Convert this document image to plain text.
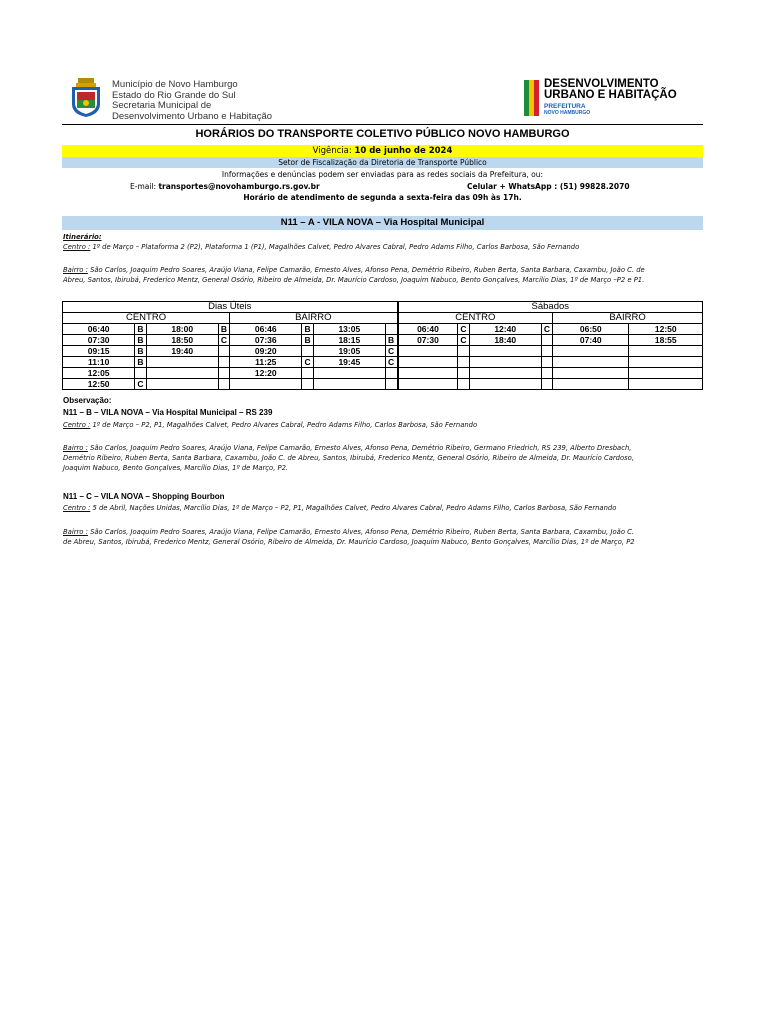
Município de Novo Hamburgo
Estado do Rio Grande do Sul
Secretaria Municipal de
Desenvolvimento Urbano e Habitação
DESENVOLVIMENTO
URBANO E HABITAÇÃO
PREFEITURA
NOVO HAMBURGO
HORÁRIOS DO TRANSPORTE COLETIVO PÚBLICO NOVO HAMBURGO
Vigência: 10 de junho de 2024
Setor de Fiscalização da Diretoria de Transporte Público
Informações e denúncias podem ser enviadas para as redes sociais da Prefeitura, ou:
E-mail: transportes@novohamburgo.rs.gov.br	Celular + WhatsApp : (51) 99828.2070
Horário de atendimento de segunda a sexta-feira das 09h às 17h.
N11 – A - VILA NOVA – Via Hospital Municipal
Itinerário:
Centro : 1º de Março – Plataforma 2 (P2), Plataforma 1 (P1), Magalhões Calvet, Pedro Alvares Cabral, Pedro Adams Filho, Carlos Barbosa, São Fernando
Bairro : São Carlos, Joaquim Pedro Soares, Araújo Viana, Felipe Camarão, Ernesto Alves, Afonso Pena, Demétrio Ribeiro, Ruben Berta, Santa Barbara, Caxambu, João C. de
Abreu, Santos, Ibirubá, Frederico Mentz, General Osório, Ribeiro de Almeida, Dr. Maurício Cardoso, Joaquim Nabuco, Bento Gonçalves, Marcílio Dias, 1º de Março –P2 e P1.
Dias Úteis								Sábados					
CENTRO				BAIRRO				CENTRO				BAIRRO	
06:40	B	18:00	B	06:46	B	13:05		06:40	C	12:40	C	06:50	12:50
07:30	B	18:50	C	07:36	B	18:15	B	07:30	C	18:40		07:40	18:55
09:15	B	19:40		09:20		19:05	C						
11:10	B			11:25	C	19:45	C						
12:05				12:20									
12:50	C												
Observação:
N11 – B – VILA NOVA – Via Hospital Municipal – RS 239
Centro : 1º de Março – P2, P1, Magalhões Calvet, Pedro Alvares Cabral, Pedro Adams Filho, Carlos Barbosa, São Fernando
Bairro : São Carlos, Joaquim Pedro Soares, Araújo Viana, Felipe Camarão, Ernesto Alves, Afonso Pena, Demétrio Ribeiro, Germano Friedrich, RS 239, Alberto Dresbach,
Demétrio Ribeiro, Ruben Berta, Santa Barbara, Caxambu, João C. de Abreu, Santos, Ibirubá, Frederico Mentz, General Osório, Ribeiro de Almeida, Dr. Maurício Cardoso,
Joaquim Nabuco, Bento Gonçalves, Marcílio Dias, 1º de Março, P2.
N11 – C – VILA NOVA – Shopping Bourbon
Centro : 5 de Abril, Nações Unidas, Marcílio Dias, 1º de Março – P2, P1, Magalhões Calvet, Pedro Alvares Cabral, Pedro Adams Filho, Carlos Barbosa, São Fernando
Bairro : São Carlos, Joaquim Pedro Soares, Araújo Viana, Felipe Camarão, Ernesto Alves, Afonso Pena, Demétrio Ribeiro, Ruben Berta, Santa Barbara, Caxambu, João C.
de Abreu, Santos, Ibirubá, Frederico Mentz, General Osório, Ribeiro de Almeida, Dr. Maurício Cardoso, Joaquim Nabuco, Bento Gonçalves, Marcílio Dias, 1º de Março, P2
